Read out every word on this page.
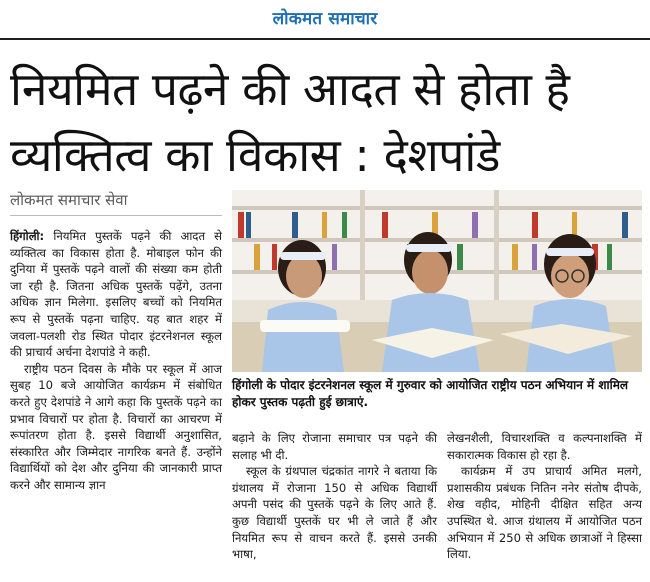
लोकमत समाचार
नियमित पढ़ने की आदत से होता है
व्यक्तित्व का विकास : देशपांडे
लोकमत समाचार सेवा

हिंगोली: नियमित पुस्तकें पढ़ने की आदत से व्यक्तित्व का विकास होता है. मोबाइल फोन की दुनिया में पुस्तकें पढ़ने वालों की संख्या कम होती जा रही है. जितना अधिक पुस्तकें पढ़ेंगे, उतना अधिक ज्ञान मिलेगा. इसलिए बच्चों को नियमित रूप से पुस्तकें पढ़ना चाहिए. यह बात शहर में जवला-पलशी रोड स्थित पोदार इंटरनेशनल स्कूल की प्राचार्य अर्चना देशपांडे ने कही.

राष्ट्रीय पठन दिवस के मौके पर स्कूल में आज सुबह 10 बजे आयोजित कार्यक्रम में संबोधित करते हुए देशपांडे ने आगे कहा कि पुस्तकें पढ़ने का प्रभाव विचारों पर होता है. विचारों का आचरण में रूपांतरण होता है. इससे विद्यार्थी अनुशासित, संस्कारित और जिम्मेदार नागरिक बनते हैं. उन्होंने विद्यार्थियों को देश और दुनिया की जानकारी प्राप्त करने और सामान्य ज्ञान

हिंगोली के पोदार इंटरनेशनल स्कूल में गुरुवार को आयोजित राष्ट्रीय पठन अभियान में शामिल होकर पुस्तक पढ़ती हुई छात्राएं.

बढ़ाने के लिए रोजाना समाचार पत्र पढ़ने की सलाह भी दी.

स्कूल के ग्रंथपाल चंद्रकांत नागरे ने बताया कि ग्रंथालय में रोजाना 150 से अधिक विद्यार्थी अपनी पसंद की पुस्तकें पढ़ने के लिए आते हैं. कुछ विद्यार्थी पुस्तकें घर भी ले जाते हैं और नियमित रूप से वाचन करते हैं. इससे उनकी भाषा,

लेखनशैली, विचारशक्ति व कल्पनाशक्ति में सकारात्मक विकास हो रहा है.

कार्यक्रम में उप प्राचार्य अमित मलगे, प्रशासकीय प्रबंधक नितिन ननेर संतोष दीपके, शेख वहीद, मोहिनी दीक्षित सहित अन्य उपस्थित थे. आज ग्रंथालय में आयोजित पठन अभियान में 250 से अधिक छात्राओं ने हिस्सा लिया.
